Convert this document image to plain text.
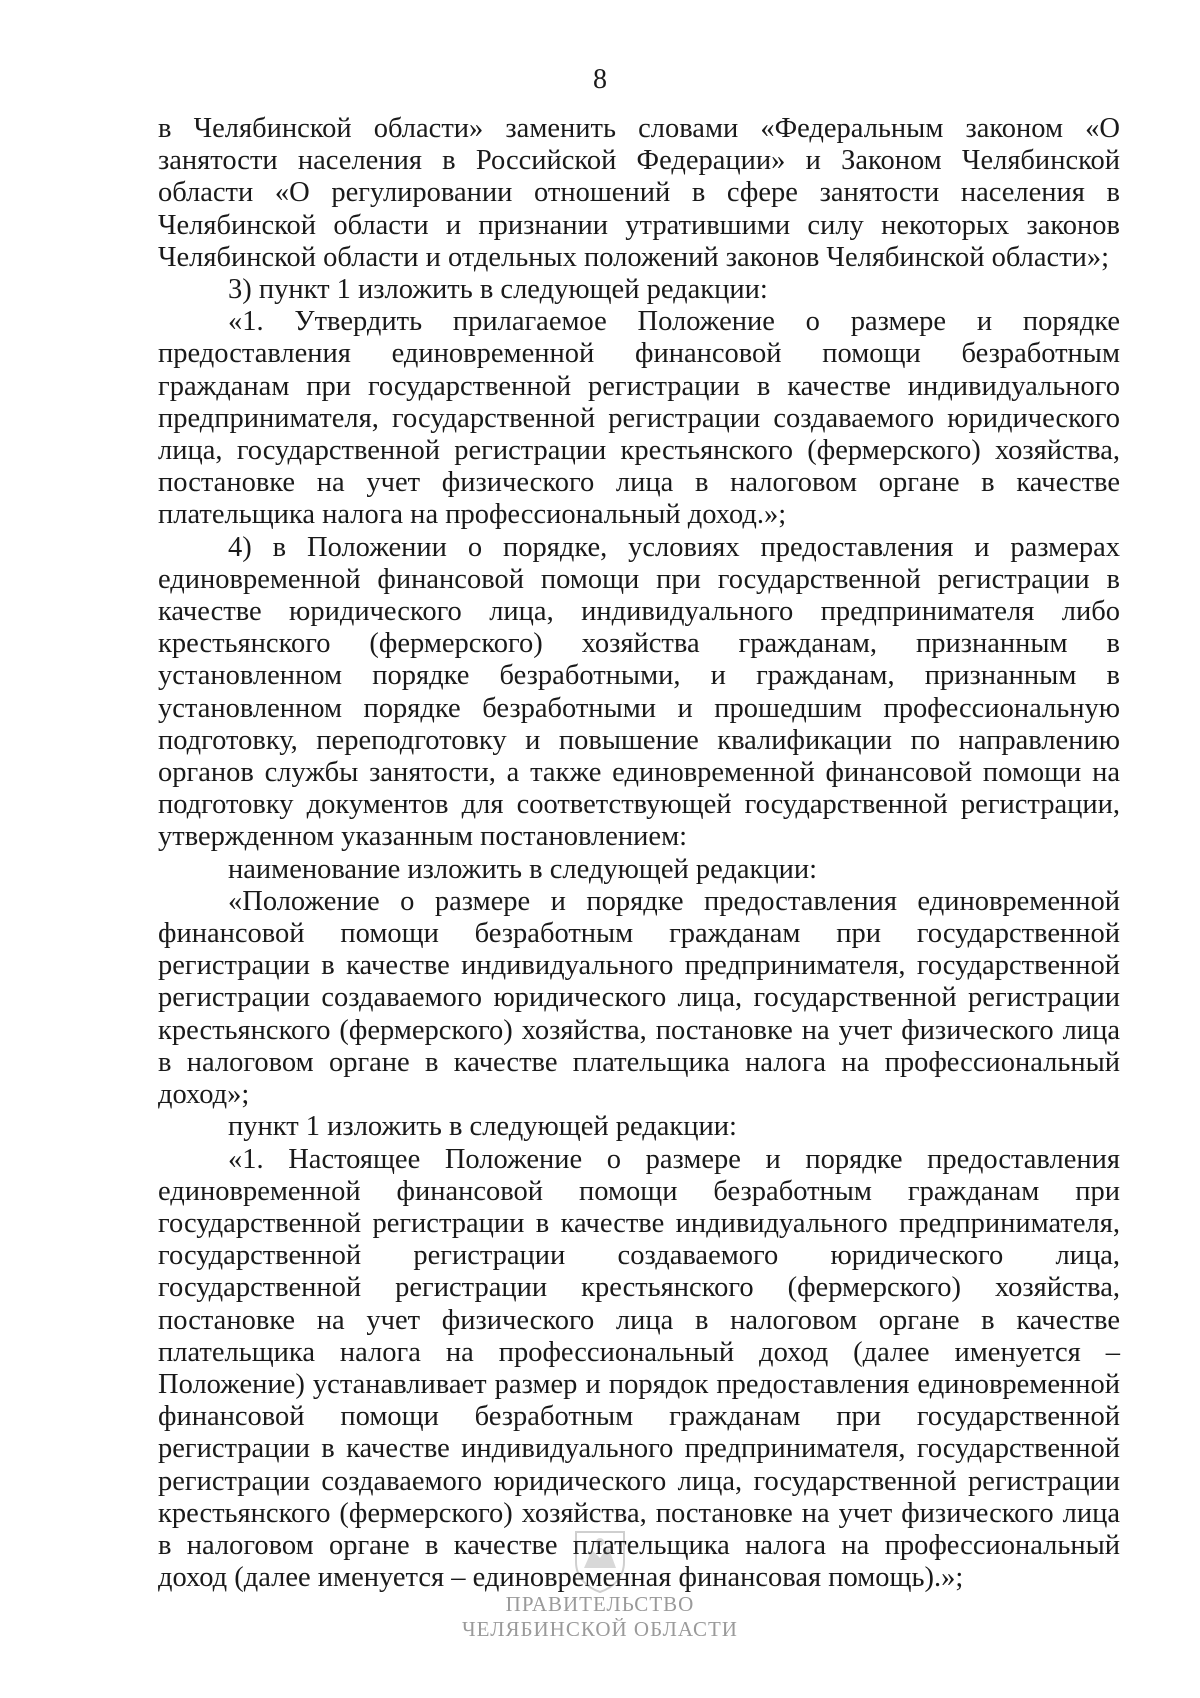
8

в Челябинской области» заменить словами «Федеральным законом «О занятости населения в Российской Федерации» и Законом Челябинской области «О регулировании отношений в сфере занятости населения в Челябинской области и признании утратившими силу некоторых законов Челябинской области и отдельных положений законов Челябинской области»;

3) пункт 1 изложить в следующей редакции:

«1. Утвердить прилагаемое Положение о размере и порядке предоставления единовременной финансовой помощи безработным гражданам при государственной регистрации в качестве индивидуального предпринимателя, государственной регистрации создаваемого юридического лица, государственной регистрации крестьянского (фермерского) хозяйства, постановке на учет физического лица в налоговом органе в качестве плательщика налога на профессиональный доход.»;

4) в Положении о порядке, условиях предоставления и размерах единовременной финансовой помощи при государственной регистрации в качестве юридического лица, индивидуального предпринимателя либо крестьянского (фермерского) хозяйства гражданам, признанным в установленном порядке безработными, и гражданам, признанным в установленном порядке безработными и прошедшим профессиональную подготовку, переподготовку и повышение квалификации по направлению органов службы занятости, а также единовременной финансовой помощи на подготовку документов для соответствующей государственной регистрации, утвержденном указанным постановлением:

наименование изложить в следующей редакции:

«Положение о размере и порядке предоставления единовременной финансовой помощи безработным гражданам при государственной регистрации в качестве индивидуального предпринимателя, государственной регистрации создаваемого юридического лица, государственной регистрации крестьянского (фермерского) хозяйства, постановке на учет физического лица в налоговом органе в качестве плательщика налога на профессиональный доход»;

пункт 1 изложить в следующей редакции:

«1. Настоящее Положение о размере и порядке предоставления единовременной финансовой помощи безработным гражданам при государственной регистрации в качестве индивидуального предпринимателя, государственной регистрации создаваемого юридического лица, государственной регистрации крестьянского (фермерского) хозяйства, постановке на учет физического лица в налоговом органе в качестве плательщика налога на профессиональный доход (далее именуется – Положение) устанавливает размер и порядок предоставления единовременной финансовой помощи безработным гражданам при государственной регистрации в качестве индивидуального предпринимателя, государственной регистрации создаваемого юридического лица, государственной регистрации крестьянского (фермерского) хозяйства, постановке на учет физического лица в налоговом органе в качестве плательщика налога на профессиональный доход (далее именуется – единовременная финансовая помощь).»;

ПРАВИТЕЛЬСТВО
ЧЕЛЯБИНСКОЙ ОБЛАСТИ
